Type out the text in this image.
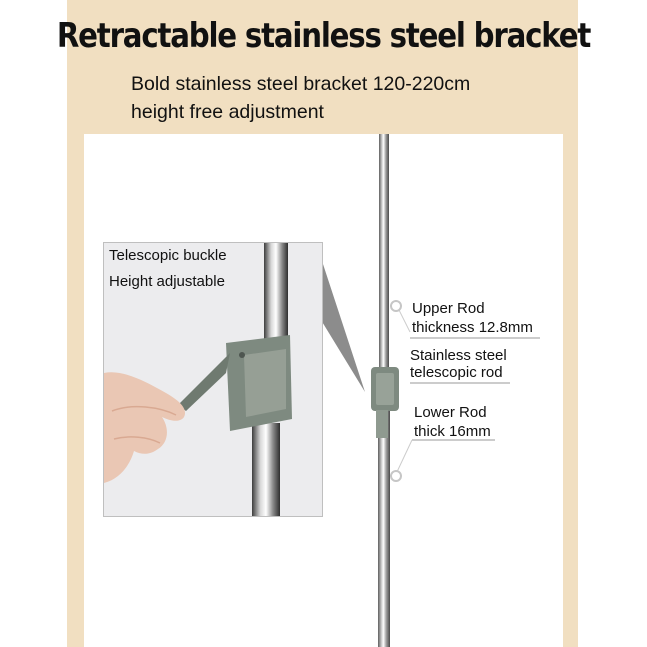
Retractable stainless steel bracket
Bold stainless steel bracket 120-220cm
height free adjustment
Upper Rod
thickness 12.8mm
Stainless steel
telescopic rod
Lower Rod
thick 16mm
Telescopic buckle
Height adjustable
